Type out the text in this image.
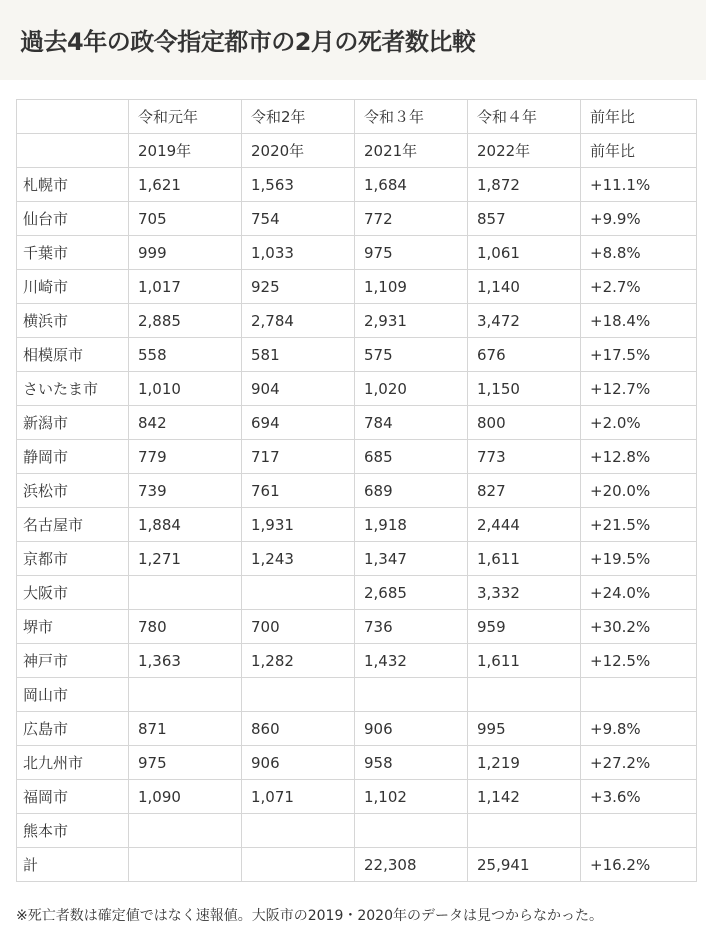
過去4年の政令指定都市の2月の死者数比較
	令和元年	令和2年	令和３年	令和４年	前年比
	2019年	2020年	2021年	2022年	前年比
札幌市	1,621	1,563	1,684	1,872	+11.1%
仙台市	705	754	772	857	+9.9%
千葉市	999	1,033	975	1,061	+8.8%
川崎市	1,017	925	1,109	1,140	+2.7%
横浜市	2,885	2,784	2,931	3,472	+18.4%
相模原市	558	581	575	676	+17.5%
さいたま市	1,010	904	1,020	1,150	+12.7%
新潟市	842	694	784	800	+2.0%
静岡市	779	717	685	773	+12.8%
浜松市	739	761	689	827	+20.0%
名古屋市	1,884	1,931	1,918	2,444	+21.5%
京都市	1,271	1,243	1,347	1,611	+19.5%
大阪市			2,685	3,332	+24.0%
堺市	780	700	736	959	+30.2%
神戸市	1,363	1,282	1,432	1,611	+12.5%
岡山市					
広島市	871	860	906	995	+9.8%
北九州市	975	906	958	1,219	+27.2%
福岡市	1,090	1,071	1,102	1,142	+3.6%
熊本市					
計			22,308	25,941	+16.2%

※死亡者数は確定値ではなく速報値。大阪市の2019・2020年のデータは見つからなかった。
